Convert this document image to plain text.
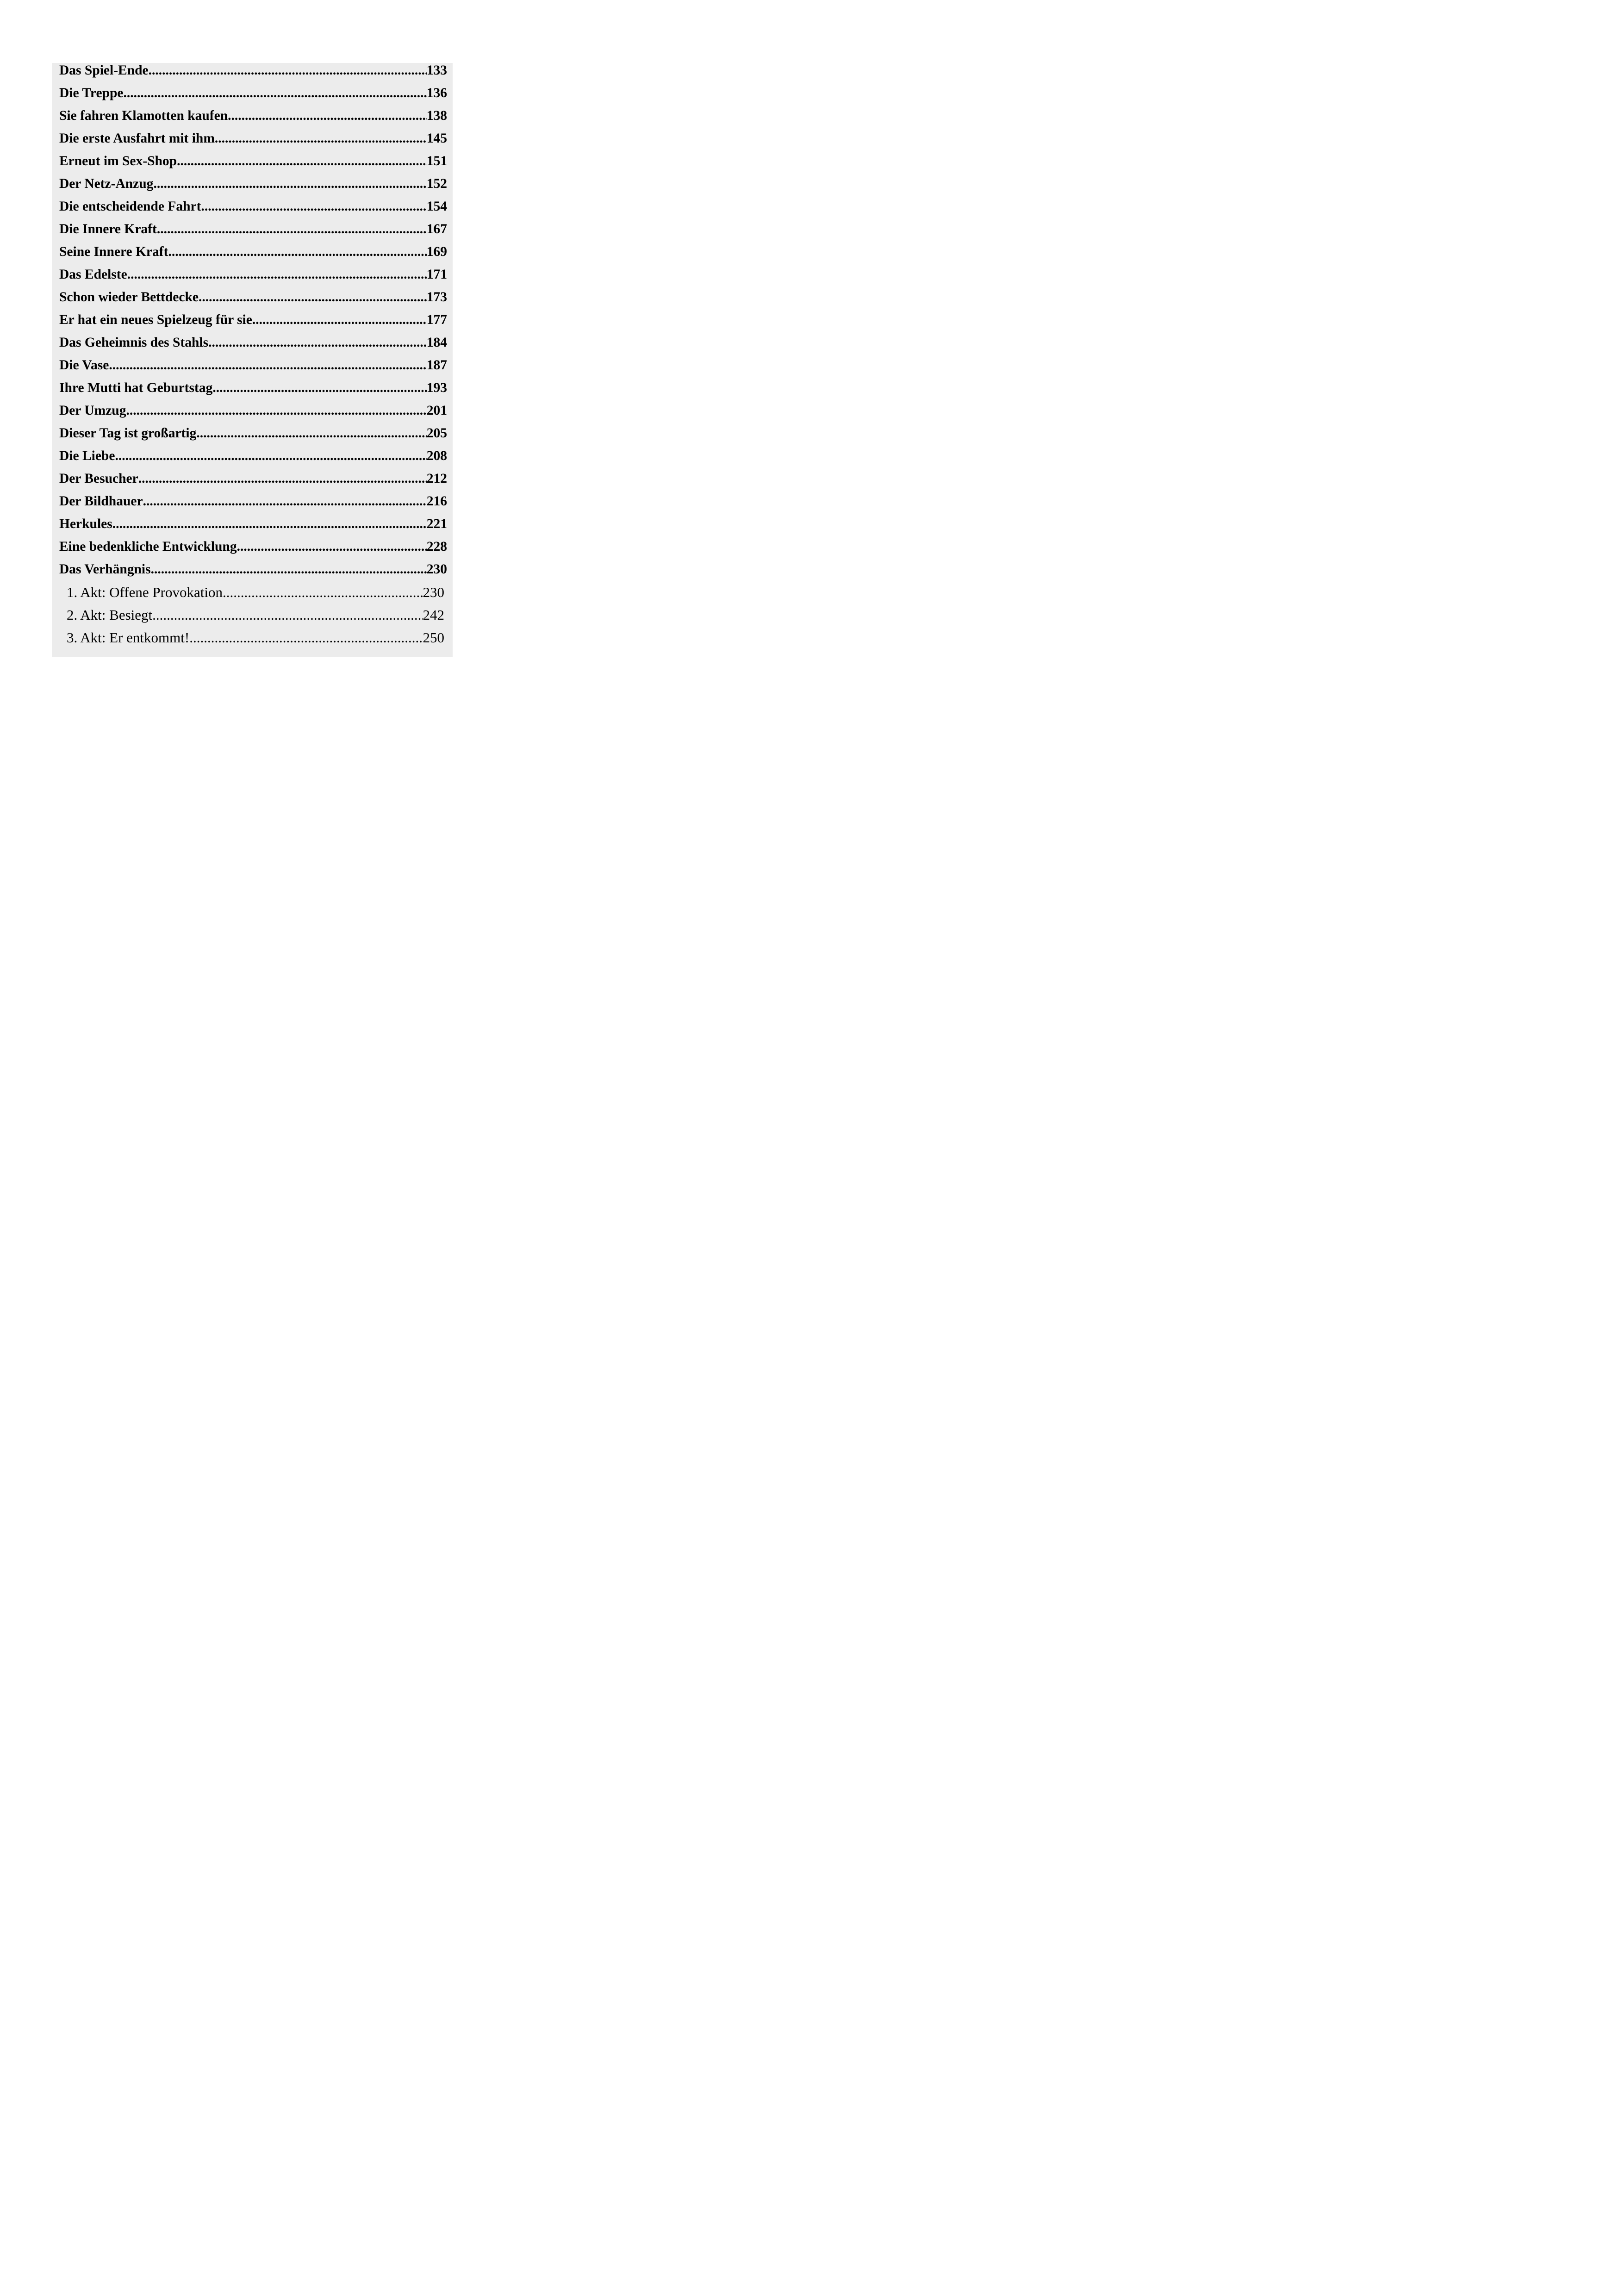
Das Spiel-Ende .....	133
Die Treppe .....	136
Sie fahren Klamotten kaufen .....	138
Die erste Ausfahrt mit ihm .....	145
Erneut im Sex-Shop .....	151
Der Netz-Anzug .....	152
Die entscheidende Fahrt .....	154
Die Innere Kraft .....	167
Seine Innere Kraft .....	169
Das Edelste .....	171
Schon wieder Bettdecke .....	173
Er hat ein neues Spielzeug für sie .....	177
Das Geheimnis des Stahls .....	184
Die Vase .....	187
Ihre Mutti hat Geburtstag .....	193
Der Umzug .....	201
Dieser Tag ist großartig .....	205
Die Liebe .....	208
Der Besucher .....	212
Der Bildhauer .....	216
Herkules .....	221
Eine bedenkliche Entwicklung .....	228
Das Verhängnis .....	230
1. Akt: Offene Provokation .....	230
2. Akt: Besiegt .....	242
3. Akt: Er entkommt! .....	250
